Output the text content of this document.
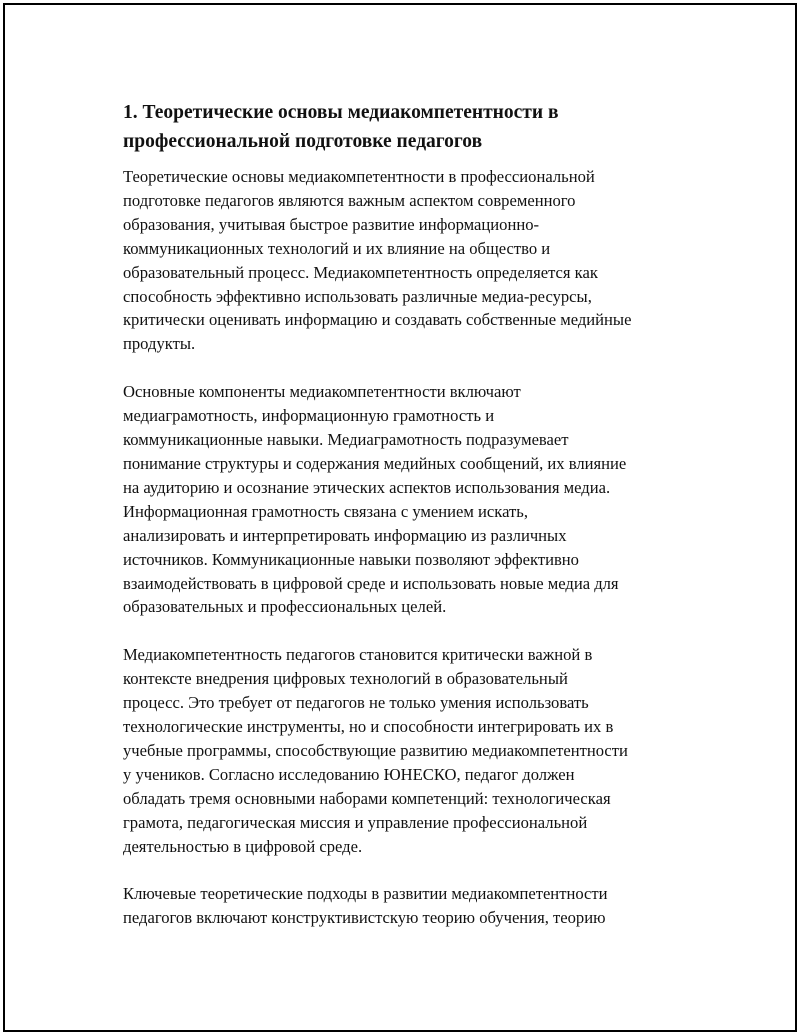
1. Теоретические основы медиакомпетентности в
профессиональной подготовке педагогов
Теоретические основы медиакомпетентности в профессиональной
подготовке педагогов являются важным аспектом современного
образования, учитывая быстрое развитие информационно-
коммуникационных технологий и их влияние на общество и
образовательный процесс. Медиакомпетентность определяется как
способность эффективно использовать различные медиа-ресурсы,
критически оценивать информацию и создавать собственные медийные
продукты.
Основные компоненты медиакомпетентности включают
медиаграмотность, информационную грамотность и
коммуникационные навыки. Медиаграмотность подразумевает
понимание структуры и содержания медийных сообщений, их влияние
на аудиторию и осознание этических аспектов использования медиа.
Информационная грамотность связана с умением искать,
анализировать и интерпретировать информацию из различных
источников. Коммуникационные навыки позволяют эффективно
взаимодействовать в цифровой среде и использовать новые медиа для
образовательных и профессиональных целей.
Медиакомпетентность педагогов становится критически важной в
контексте внедрения цифровых технологий в образовательный
процесс. Это требует от педагогов не только умения использовать
технологические инструменты, но и способности интегрировать их в
учебные программы, способствующие развитию медиакомпетентности
у учеников. Согласно исследованию ЮНЕСКО, педагог должен
обладать тремя основными наборами компетенций: технологическая
грамота, педагогическая миссия и управление профессиональной
деятельностью в цифровой среде.
Ключевые теоретические подходы в развитии медиакомпетентности
педагогов включают конструктивистскую теорию обучения, теорию
